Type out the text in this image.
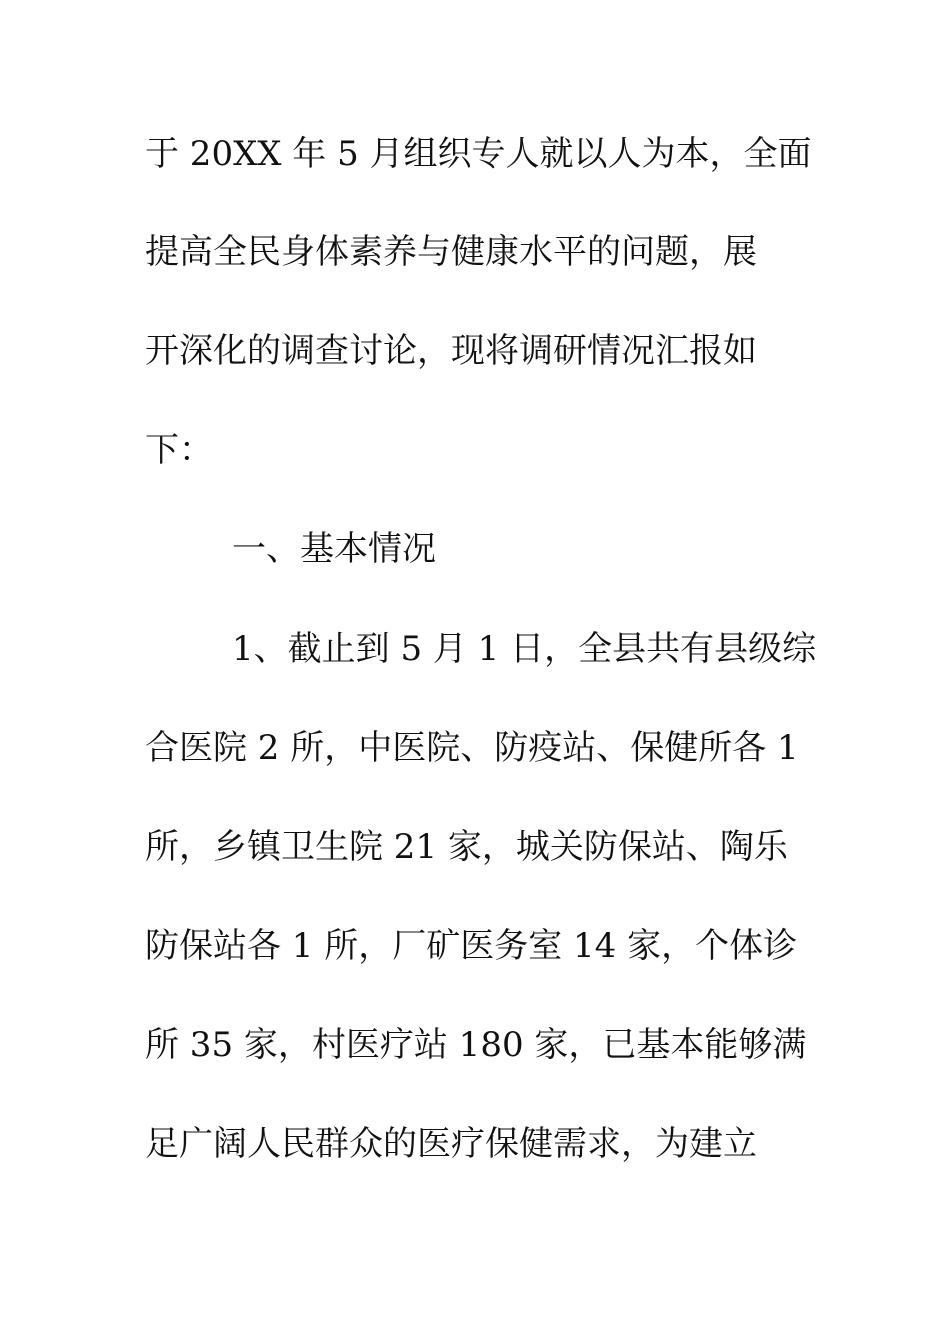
于 20XX 年 5 月组织专人就以人为本，全面
提高全民身体素养与健康水平的问题，展
开深化的调查讨论，现将调研情况汇报如
下：
一、基本情况
1、截止到 5 月 1 日，全县共有县级综
合医院 2 所，中医院、防疫站、保健所各 1
所，乡镇卫生院 21 家，城关防保站、陶乐
防保站各 1 所，厂矿医务室 14 家，个体诊
所 35 家，村医疗站 180 家，已基本能够满
足广阔人民群众的医疗保健需求，为建立
